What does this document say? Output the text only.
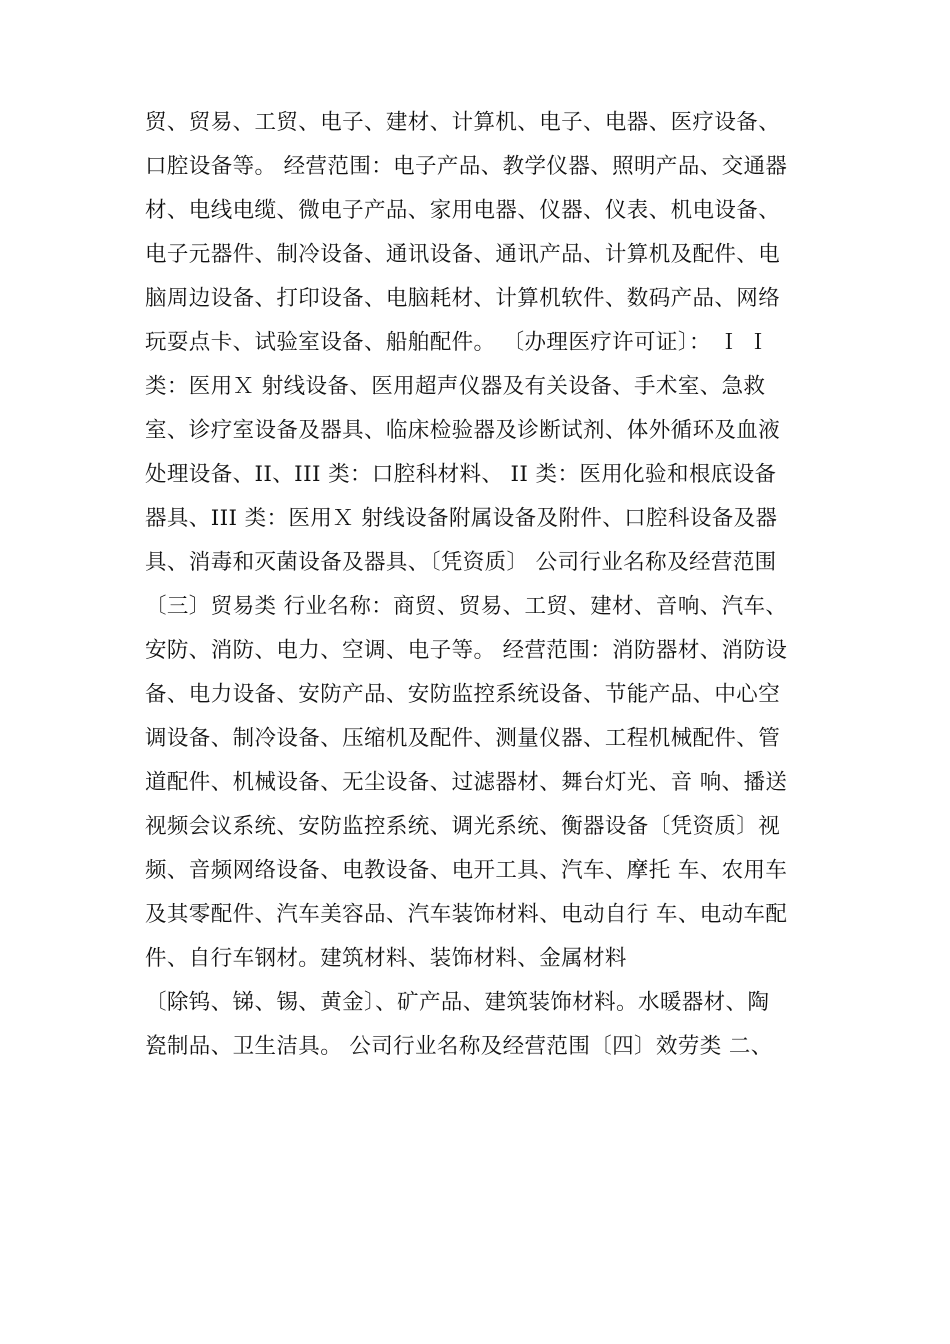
贸、贸易、工贸、电子、建材、计算机、电子、电器、医疗设备、
口腔设备等。 经营范围：电子产品、教学仪器、照明产品、交通器
材、电线电缆、微电子产品、家用电器、仪器、仪表、机电设备、
电子元器件、制冷设备、通讯设备、通讯产品、计算机及配件、电
脑周边设备、打印设备、电脑耗材、计算机软件、数码产品、网络
玩耍点卡、试验室设备、船舶配件。 〔办理医疗许可证〕： Ｉ Ｉ
类：医用Ｘ 射线设备、医用超声仪器及有关设备、手术室、急救
室、诊疗室设备及器具、临床检验器及诊断试剂、体外循环及血液
处理设备、II、III 类：口腔科材料、 II 类：医用化验和根底设备
器具、III 类：医用Ｘ 射线设备附属设备及附件、口腔科设备及器
具、消毒和灭菌设备及器具、〔凭资质〕 公司行业名称及经营范围
〔三〕贸易类 行业名称：商贸、贸易、工贸、建材、音响、汽车、
安防、消防、电力、空调、电子等。 经营范围：消防器材、消防设
备、电力设备、安防产品、安防监控系统设备、节能产品、中心空
调设备、制冷设备、压缩机及配件、测量仪器、工程机械配件、管
道配件、机械设备、无尘设备、过滤器材、舞台灯光、音 响、播送
视频会议系统、安防监控系统、调光系统、衡器设备〔凭资质〕视
频、音频网络设备、电教设备、电开工具、汽车、摩托 车、农用车
及其零配件、汽车美容品、汽车装饰材料、电动自行 车、电动车配
件、自行车钢材。建筑材料、装饰材料、金属材料
〔除钨、锑、锡、黄金〕、矿产品、建筑装饰材料。水暖器材、陶
瓷制品、卫生洁具。 公司行业名称及经营范围〔四〕效劳类 二、
